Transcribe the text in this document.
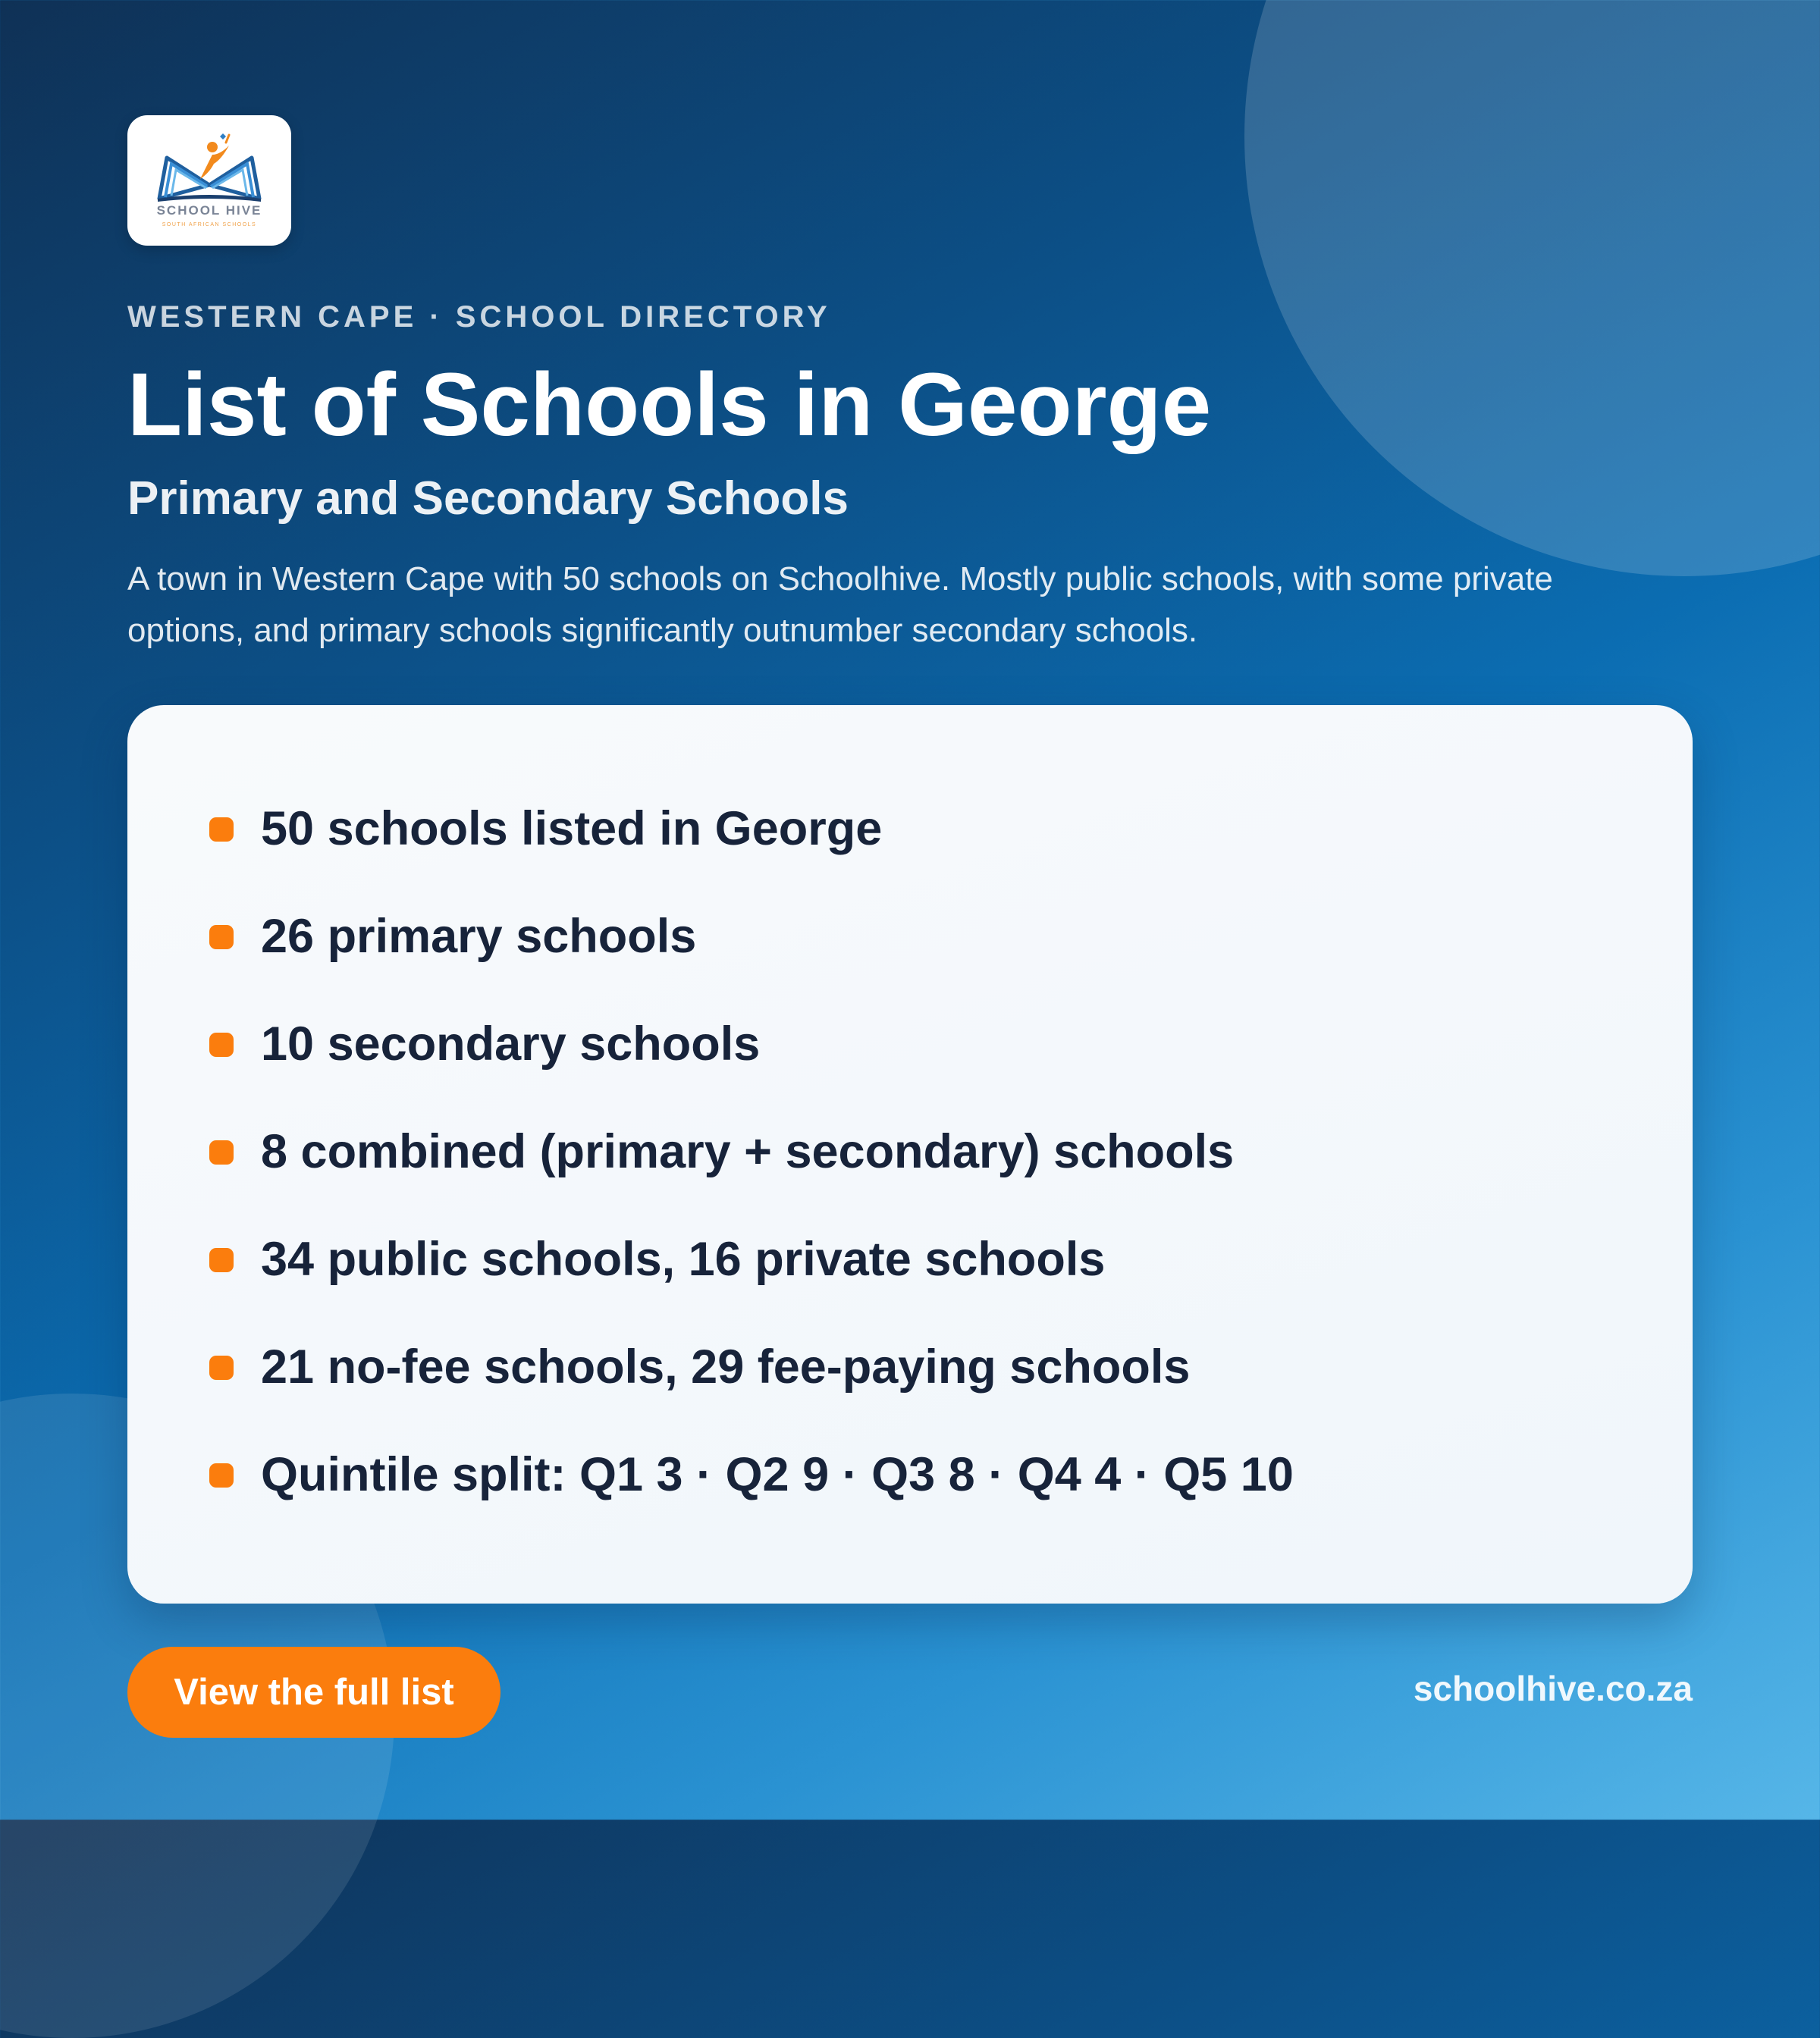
SCHOOL HIVE
SOUTH AFRICAN SCHOOLS
WESTERN CAPE · SCHOOL DIRECTORY
List of Schools in George
Primary and Secondary Schools

A town in Western Cape with 50 schools on Schoolhive. Mostly public schools, with some private options, and primary schools significantly outnumber secondary schools.

50 schools listed in George
26 primary schools
10 secondary schools
8 combined (primary + secondary) schools
34 public schools, 16 private schools
21 no-fee schools, 29 fee-paying schools
Quintile split: Q1 3 · Q2 9 · Q3 8 · Q4 4 · Q5 10
View the full list	schoolhive.co.za
